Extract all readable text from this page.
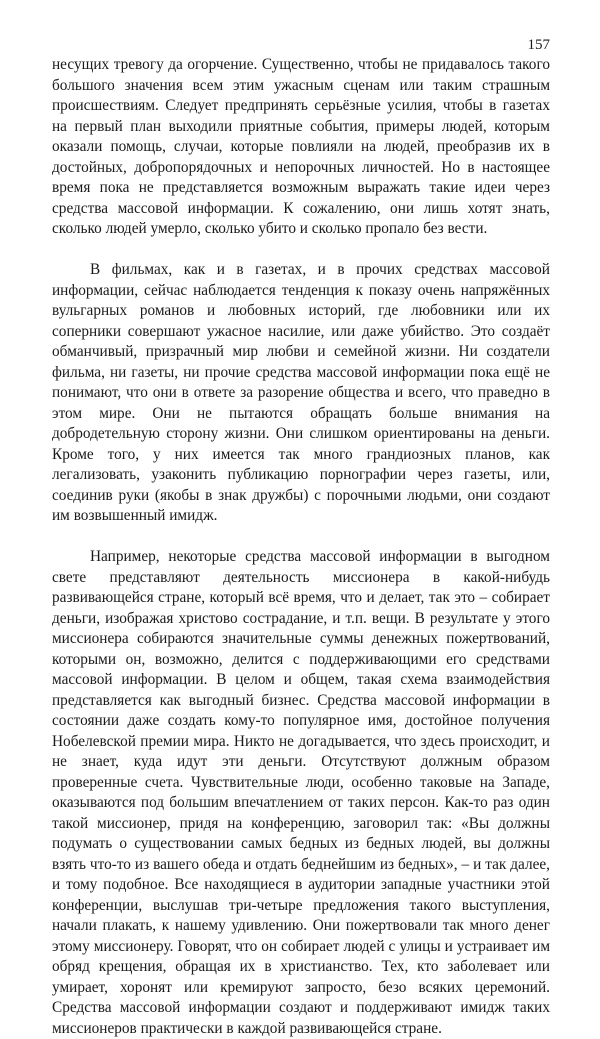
157

несущих тревогу да огорчение. Существенно, чтобы не придавалось такого большого значения всем этим ужасным сценам или таким страшным происшествиям. Следует предпринять серьёзные усилия, чтобы в газетах на первый план выходили приятные события, примеры людей, которым оказали помощь, случаи, которые повлияли на людей, преобразив их в достойных, добропорядочных и непорочных личностей. Но в настоящее время пока не представляется возможным выражать такие идеи через средства массовой информации. К сожалению, они лишь хотят знать, сколько людей умерло, сколько убито и сколько пропало без вести.

В фильмах, как и в газетах, и в прочих средствах массовой информации, сейчас наблюдается тенденция к показу очень напряжённых вульгарных романов и любовных историй, где любовники или их соперники совершают ужасное насилие, или даже убийство. Это создаёт обманчивый, призрачный мир любви и семейной жизни. Ни создатели фильма, ни газеты, ни прочие средства массовой информации пока ещё не понимают, что они в ответе за разорение общества и всего, что праведно в этом мире. Они не пытаются обращать больше внимания на добродетельную сторону жизни. Они слишком ориентированы на деньги. Кроме того, у них имеется так много грандиозных планов, как легализовать, узаконить публикацию порнографии через газеты, или, соединив руки (якобы в знак дружбы) с порочными людьми, они создают им возвышенный имидж.

Например, некоторые средства массовой информации в выгодном свете представляют деятельность миссионера в какой-нибудь развивающейся стране, который всё время, что и делает, так это – собирает деньги, изображая христово сострадание, и т.п. вещи. В результате у этого миссионера собираются значительные суммы денежных пожертвований, которыми он, возможно, делится с поддерживающими его средствами массовой информации. В целом и общем, такая схема взаимодействия представляется как выгодный бизнес. Средства массовой информации в состоянии даже создать кому-то популярное имя, достойное получения Нобелевской премии мира. Никто не догадывается, что здесь происходит, и не знает, куда идут эти деньги. Отсутствуют должным образом проверенные счета. Чувствительные люди, особенно таковые на Западе, оказываются под большим впечатлением от таких персон. Как-то раз один такой миссионер, придя на конференцию, заговорил так: «Вы должны подумать о существовании самых бедных из бедных людей, вы должны взять что-то из вашего обеда и отдать беднейшим из бедных», – и так далее, и тому подобное. Все находящиеся в аудитории западные участники этой конференции, выслушав три-четыре предложения такого выступления, начали плакать, к нашему удивлению. Они пожертвовали так много денег этому миссионеру. Говорят, что он собирает людей с улицы и устраивает им обряд крещения, обращая их в христианство. Тех, кто заболевает или умирает, хоронят или кремируют запросто, безо всяких церемоний. Средства массовой информации создают и поддерживают имидж таких миссионеров практически в каждой развивающейся стране.
